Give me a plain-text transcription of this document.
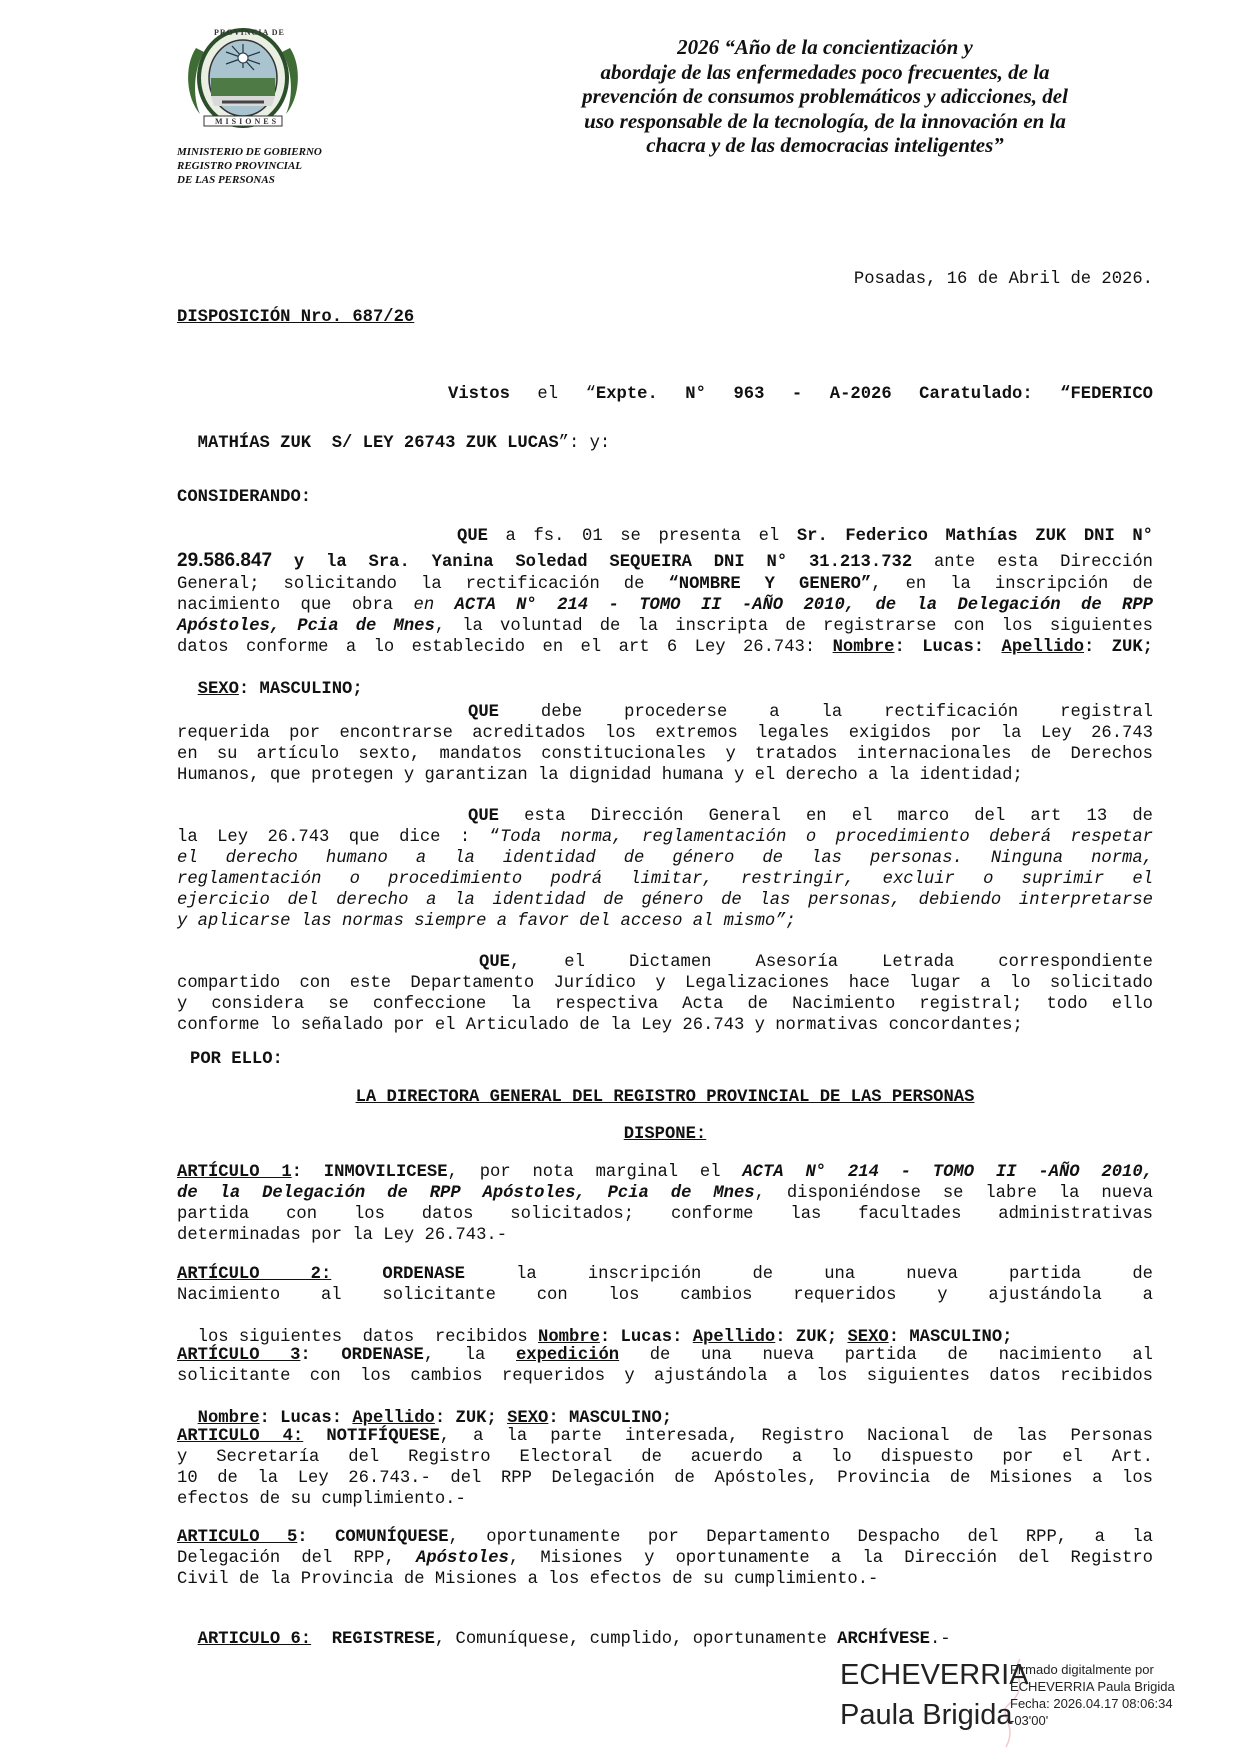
PROVINCIA DE
MISIONES
MINISTERIO DE GOBIERNO
REGISTRO PROVINCIAL
DE LAS PERSONAS
2026 “Año de la concientización y
abordaje de las enfermedades poco frecuentes, de la
prevención de consumos problemáticos y adicciones, del
uso responsable de la tecnología, de la innovación en la
chacra y de las democracias inteligentes”
Posadas, 16 de Abril de 2026.
DISPOSICIÓN Nro. 687/26
Vistos el “Expte. N° 963 - A-2026 Caratulado: “FEDERICO

MATHÍAS ZUK  S/ LEY 26743 ZUK LUCAS”: y:

CONSIDERANDO:
QUE a fs. 01 se presenta el Sr. Federico Mathías ZUK DNI N°
29.586.847 y la Sra. Yanina Soledad SEQUEIRA DNI N° 31.213.732 ante esta Dirección
General; solicitando la rectificación de “NOMBRE Y GENERO”, en la inscripción de
nacimiento que obra en ACTA N° 214 - TOMO II -AÑO 2010, de la Delegación de RPP
Apóstoles, Pcia de Mnes, la voluntad de la inscripta de registrarse con los siguientes
datos conforme a lo establecido en el art 6 Ley 26.743: Nombre: Lucas: Apellido: ZUK;

SEXO: MASCULINO;

QUE debe procederse a la rectificación registral
requerida por encontrarse acreditados los extremos legales exigidos por la Ley 26.743
en su artículo sexto, mandatos constitucionales y tratados internacionales de Derechos
Humanos, que protegen y garantizan la dignidad humana y el derecho a la identidad;
QUE esta Dirección General en el marco del art 13 de
la Ley 26.743 que dice : “Toda norma, reglamentación o procedimiento deberá respetar
el derecho humano a la identidad de género de las personas. Ninguna norma,
reglamentación o procedimiento podrá limitar, restringir, excluir o suprimir el
ejercicio del derecho a la identidad de género de las personas, debiendo interpretarse
y aplicarse las normas siempre a favor del acceso al mismo”;
QUE, el Dictamen Asesoría Letrada correspondiente
compartido con este Departamento Jurídico y Legalizaciones hace lugar a lo solicitado
y considera se confeccione la respectiva Acta de Nacimiento registral; todo ello
conforme lo señalado por el Articulado de la Ley 26.743 y normativas concordantes;
POR ELLO:
LA DIRECTORA GENERAL DEL REGISTRO PROVINCIAL DE LAS PERSONAS
DISPONE:
ARTÍCULO 1: INMOVILICESE, por nota marginal el ACTA N° 214 - TOMO II -AÑO 2010,
de la Delegación de RPP Apóstoles, Pcia de Mnes, disponiéndose se labre la nueva
partida con los datos solicitados; conforme las facultades administrativas
determinadas por la Ley 26.743.-
ARTÍCULO 2: ORDENASE la inscripción de una nueva partida de
Nacimiento al solicitante con los cambios requeridos y ajustándola a

los siguientes  datos  recibidos Nombre: Lucas: Apellido: ZUK; SEXO: MASCULINO;

ARTÍCULO 3: ORDENASE, la expedición de una nueva partida de nacimiento al
solicitante con los cambios requeridos y ajustándola a los siguientes datos recibidos

Nombre: Lucas: Apellido: ZUK; SEXO: MASCULINO;

ARTICULO 4: NOTIFÍQUESE, a la parte interesada, Registro Nacional de las Personas
y Secretaría del Registro Electoral de acuerdo a lo dispuesto por el Art.
10 de la Ley 26.743.- del RPP Delegación de Apóstoles, Provincia de Misiones a los
efectos de su cumplimiento.-
ARTICULO 5: COMUNÍQUESE, oportunamente por Departamento Despacho del RPP, a la
Delegación del RPP, Apóstoles, Misiones y oportunamente a la Dirección del Registro
Civil de la Provincia de Misiones a los efectos de su cumplimiento.-

ARTICULO 6:  REGISTRESE, Comuníquese, cumplido, oportunamente ARCHÍVESE.-

ECHEVERRIA
Paula Brigida
Firmado digitalmente por
ECHEVERRIA Paula Brigida
Fecha: 2026.04.17 08:06:34
-03'00'
